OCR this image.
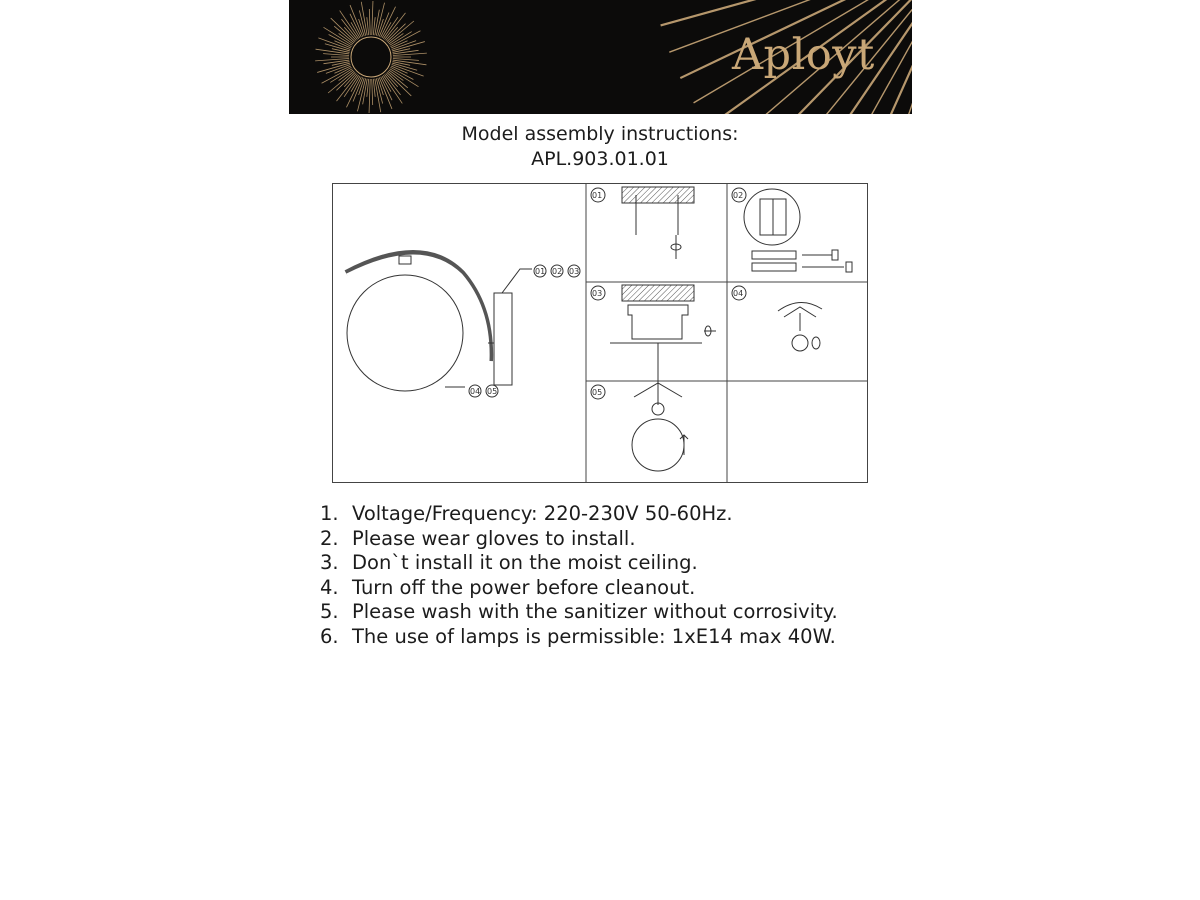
Aployt
Model assembly instructions:
APL.903.01.01
01 02 03
04 05
01	02
03	04
05
1. Voltage/Frequency: 220-230V 50-60Hz.
2. Please wear gloves to install.
3. Don`t install it on the moist ceiling.
4. Turn off the power before cleanout.
5. Please wash with the sanitizer without corrosivity.
6. The use of lamps is permissible: 1xE14 max 40W.
